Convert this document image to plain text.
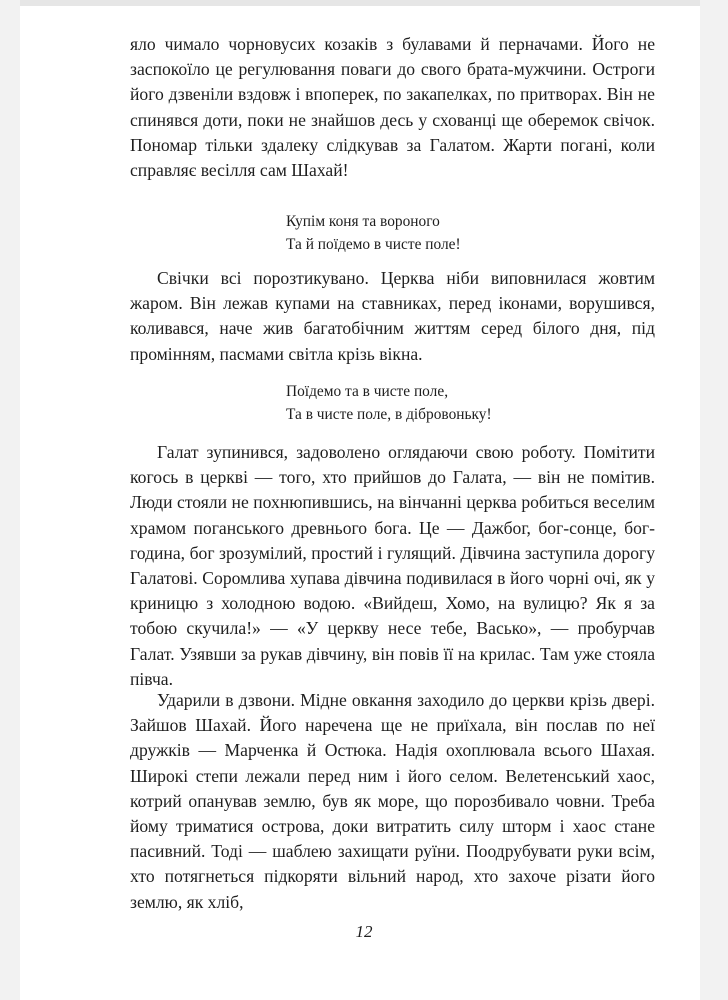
яло чимало чорновусих козаків з булавами й перначами. Його не заспокоїло це регулювання поваги до свого брата-мужчини. Остроги його дзвеніли вздовж і впоперек, по закапелках, по притворах. Він не спинявся доти, поки не знайшов десь у схованці ще оберемок свічок. Пономар тільки здалеку слідкував за Галатом. Жарти погані, коли справляє весілля сам Шахай!

Купім коня та вороного
Та й поїдемо в чисте поле!

Свічки всі порозтикувано. Церква ніби виповнилася жовтим жаром. Він лежав купами на ставниках, перед іконами, ворушився, коливався, наче жив багатобічним життям серед білого дня, під промінням, пасмами світла крізь вікна.

Поїдемо та в чисте поле,
Та в чисте поле, в дібровоньку!

Галат зупинився, задоволено оглядаючи свою роботу. Помітити когось в церкві — того, хто прийшов до Галата, — він не помітив. Люди стояли не похнюпившись, на вінчанні церква робиться веселим храмом поганського древнього бога. Це — Дажбог, бог-сонце, бог-година, бог зрозумілий, простий і гулящий. Дівчина заступила дорогу Галатові. Соромлива хупава дівчина подивилася в його чорні очі, як у криницю з холодною водою. «Вийдеш, Хомо, на вулицю? Як я за тобою скучила!» — «У церкву несе тебе, Васько», — пробурчав Галат. Узявши за рукав дівчину, він повів її на крилас. Там уже стояла півча.

Ударили в дзвони. Мідне овкання заходило до церкви крізь двері. Зайшов Шахай. Його наречена ще не приїхала, він послав по неї дружків — Марченка й Остюка. Надія охоплювала всього Шахая. Широкі степи лежали перед ним і його селом. Велетенський хаос, котрий опанував землю, був як море, що порозбивало човни. Треба йому триматися острова, доки витратить силу шторм і хаос стане пасивний. Тоді — шаблею захищати руїни. Поодрубувати руки всім, хто потягнеться підкоряти вільний народ, хто захоче різати його землю, як хліб,

12
